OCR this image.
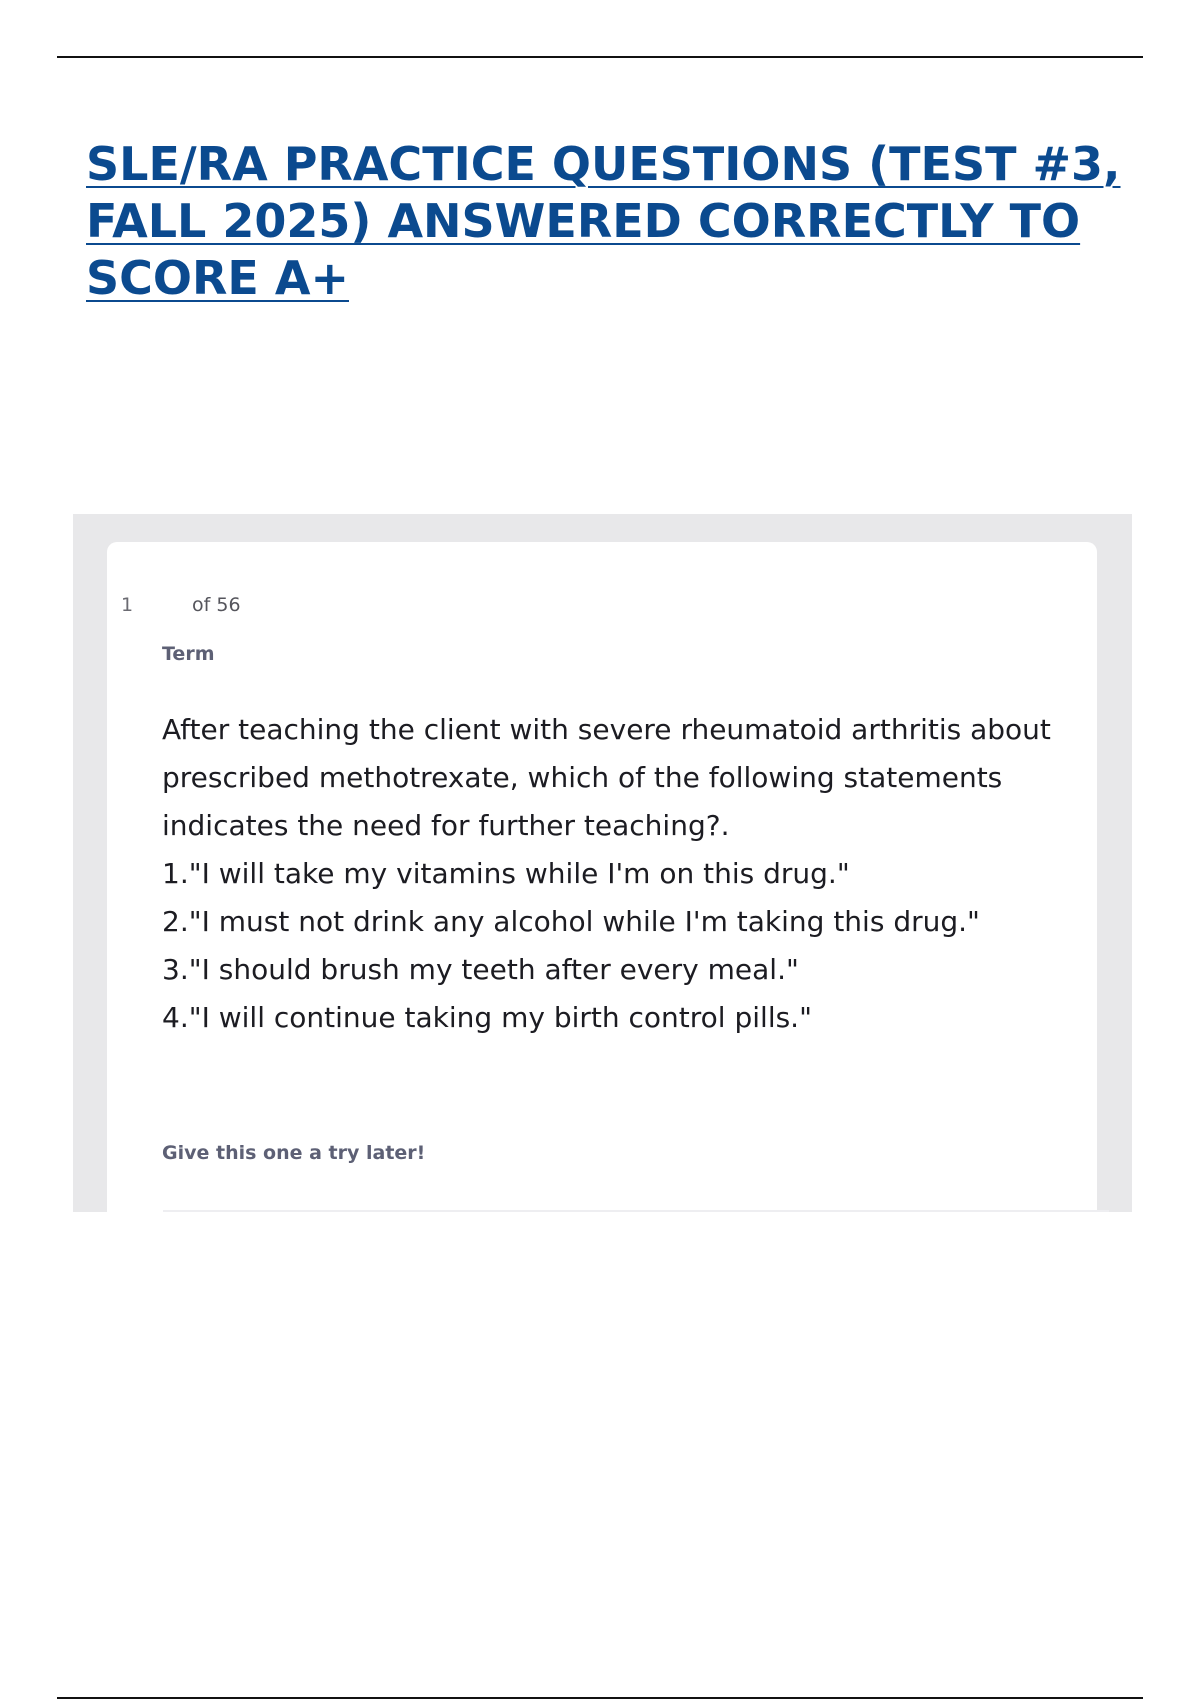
SLE/RA PRACTICE QUESTIONS (TEST #3, FALL 2025) ANSWERED CORRECTLY TO SCORE A+
1	of 56
Term
After teaching the client with severe rheumatoid arthritis about prescribed methotrexate, which of the following statements indicates the need for further teaching?.
1."I will take my vitamins while I'm on this drug."
2."I must not drink any alcohol while I'm taking this drug."
3."I should brush my teeth after every meal."
4."I will continue taking my birth control pills."
Give this one a try later!
